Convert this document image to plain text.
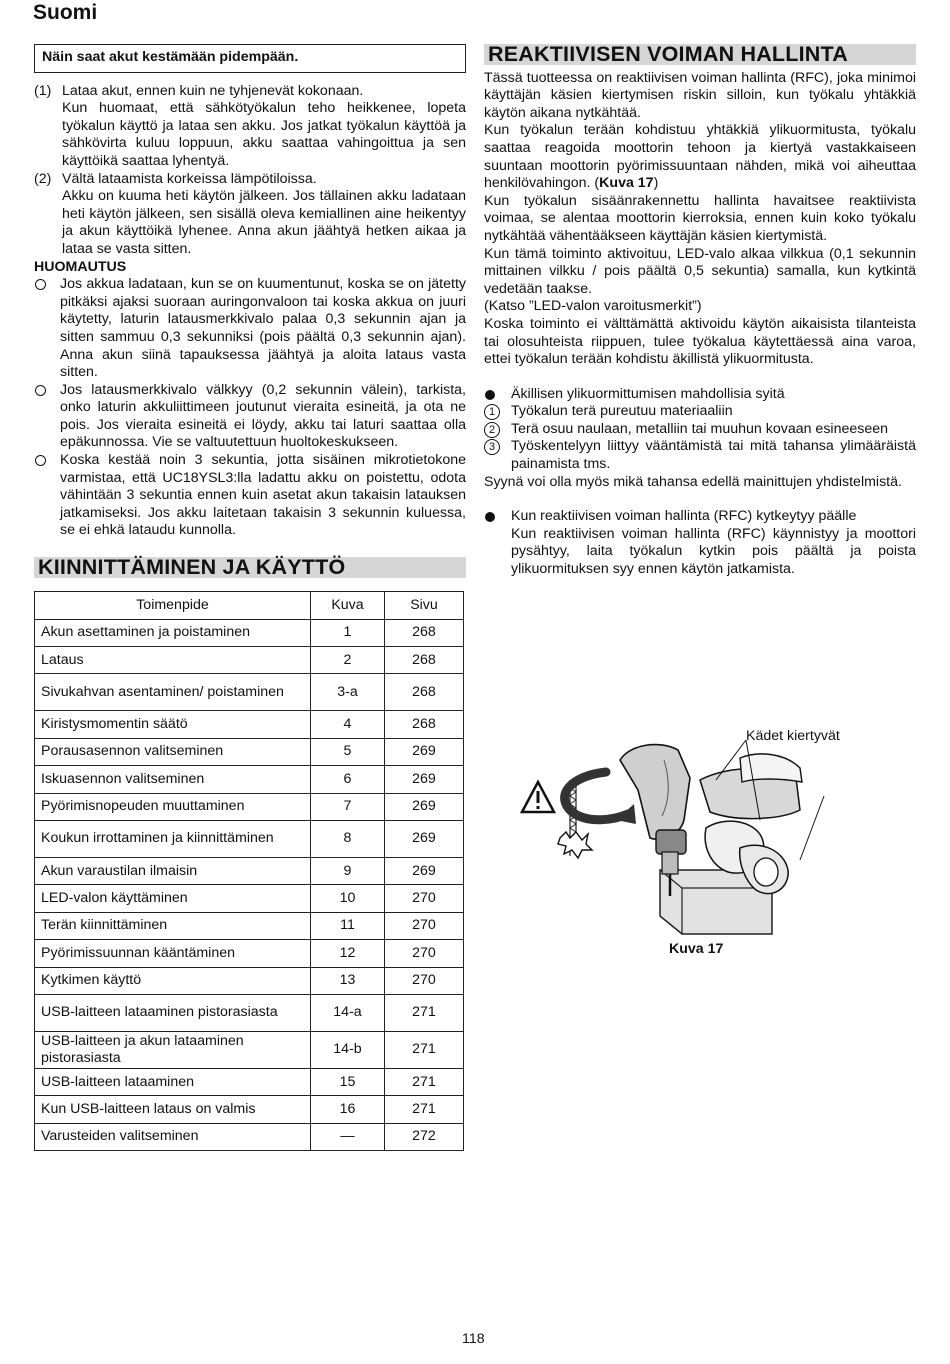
Suomi
Näin saat akut kestämään pidempään.
(1) Lataa akut, ennen kuin ne tyhjenevät kokonaan.
Kun huomaat, että sähkötyökalun teho heikkenee, lopeta työkalun käyttö ja lataa sen akku. Jos jatkat työkalun käyttöä ja sähkövirta kuluu loppuun, akku saattaa vahingoittua ja sen käyttöikä saattaa lyhentyä.
(2) Vältä lataamista korkeissa lämpötiloissa.
Akku on kuuma heti käytön jälkeen. Jos tällainen akku ladataan heti käytön jälkeen, sen sisällä oleva kemiallinen aine heikentyy ja akun käyttöikä lyhenee. Anna akun jäähtyä hetken aikaa ja lataa se vasta sitten.
HUOMAUTUS
Jos akkua ladataan, kun se on kuumentunut, koska se on jätetty pitkäksi ajaksi suoraan auringonvaloon tai koska akkua on juuri käytetty, laturin latausmerkkivalo palaa 0,3 sekunnin ajan ja sitten sammuu 0,3 sekunniksi (pois päältä 0,3 sekunnin ajan). Anna akun siinä tapauksessa jäähtyä ja aloita lataus vasta sitten.
Jos latausmerkkivalo välkkyy (0,2 sekunnin välein), tarkista, onko laturin akkuliittimeen joutunut vieraita esineitä, ja ota ne pois. Jos vieraita esineitä ei löydy, akku tai laturi saattaa olla epäkunnossa. Vie se valtuutettuun huoltokeskukseen.
Koska kestää noin 3 sekuntia, jotta sisäinen mikrotietokone varmistaa, että UC18YSL3:lla ladattu akku on poistettu, odota vähintään 3 sekuntia ennen kuin asetat akun takaisin latauksen jatkamiseksi. Jos akku laitetaan takaisin 3 sekunnin kuluessa, se ei ehkä lataudu kunnolla.
KIINNITTÄMINEN JA KÄYTTÖ
Toimenpide	Kuva	Sivu
Akun asettaminen ja poistaminen	1	268
Lataus	2	268
Sivukahvan asentaminen/ poistaminen	3-a	268
Kiristysmomentin säätö	4	268
Porausasennon valitseminen	5	269
Iskuasennon valitseminen	6	269
Pyörimisnopeuden muuttaminen	7	269
Koukun irrottaminen ja kiinnittäminen	8	269
Akun varaustilan ilmaisin	9	269
LED-valon käyttäminen	10	270
Terän kiinnittäminen	11	270
Pyörimissuunnan kääntäminen	12	270
Kytkimen käyttö	13	270
USB-laitteen lataaminen pistorasiasta	14-a	271
USB-laitteen ja akun lataaminen pistorasiasta	14-b	271
USB-laitteen lataaminen	15	271
Kun USB-laitteen lataus on valmis	16	271
Varusteiden valitseminen	—	272
REAKTIIVISEN VOIMAN HALLINTA
Tässä tuotteessa on reaktiivisen voiman hallinta (RFC), joka minimoi käyttäjän käsien kiertymisen riskin silloin, kun työkalu yhtäkkiä käytön aikana nytkähtää.
Kun työkalun terään kohdistuu yhtäkkiä ylikuormitusta, työkalu saattaa reagoida moottorin tehoon ja kiertyä vastakkaiseen suuntaan moottorin pyörimissuuntaan nähden, mikä voi aiheuttaa henkilövahingon. (Kuva 17)
Kun työkalun sisäänrakennettu hallinta havaitsee reaktiivista voimaa, se alentaa moottorin kierroksia, ennen kuin koko työkalu nytkähtää vähentääkseen käyttäjän käsien kiertymistä.
Kun tämä toiminto aktivoituu, LED-valo alkaa vilkkua (0,1 sekunnin mittainen vilkku / pois päältä 0,5 sekuntia) samalla, kun kytkintä vedetään taakse.
(Katso ”LED-valon varoitusmerkit”)
Koska toiminto ei välttämättä aktivoidu käytön aikaisista tilanteista tai olosuhteista riippuen, tulee työkalua käytettäessä aina varoa, ettei työkalun terään kohdistu äkillistä ylikuormitusta.
Äkillisen ylikuormittumisen mahdollisia syitä
1	Työkalun terä pureutuu materiaaliin
2	Terä osuu naulaan, metalliin tai muuhun kovaan esineeseen
3	Työskentelyyn liittyy vääntämistä tai mitä tahansa ylimääräistä painamista tms.
Syynä voi olla myös mikä tahansa edellä mainittujen yhdistelmistä.
Kun reaktiivisen voiman hallinta (RFC) kytkeytyy päälle
Kun reaktiivisen voiman hallinta (RFC) käynnistyy ja moottori pysähtyy, laita työkalun kytkin pois päältä ja poista ylikuormituksen syy ennen käytön jatkamista.
Kädet kiertyvät
Kuva 17
118
